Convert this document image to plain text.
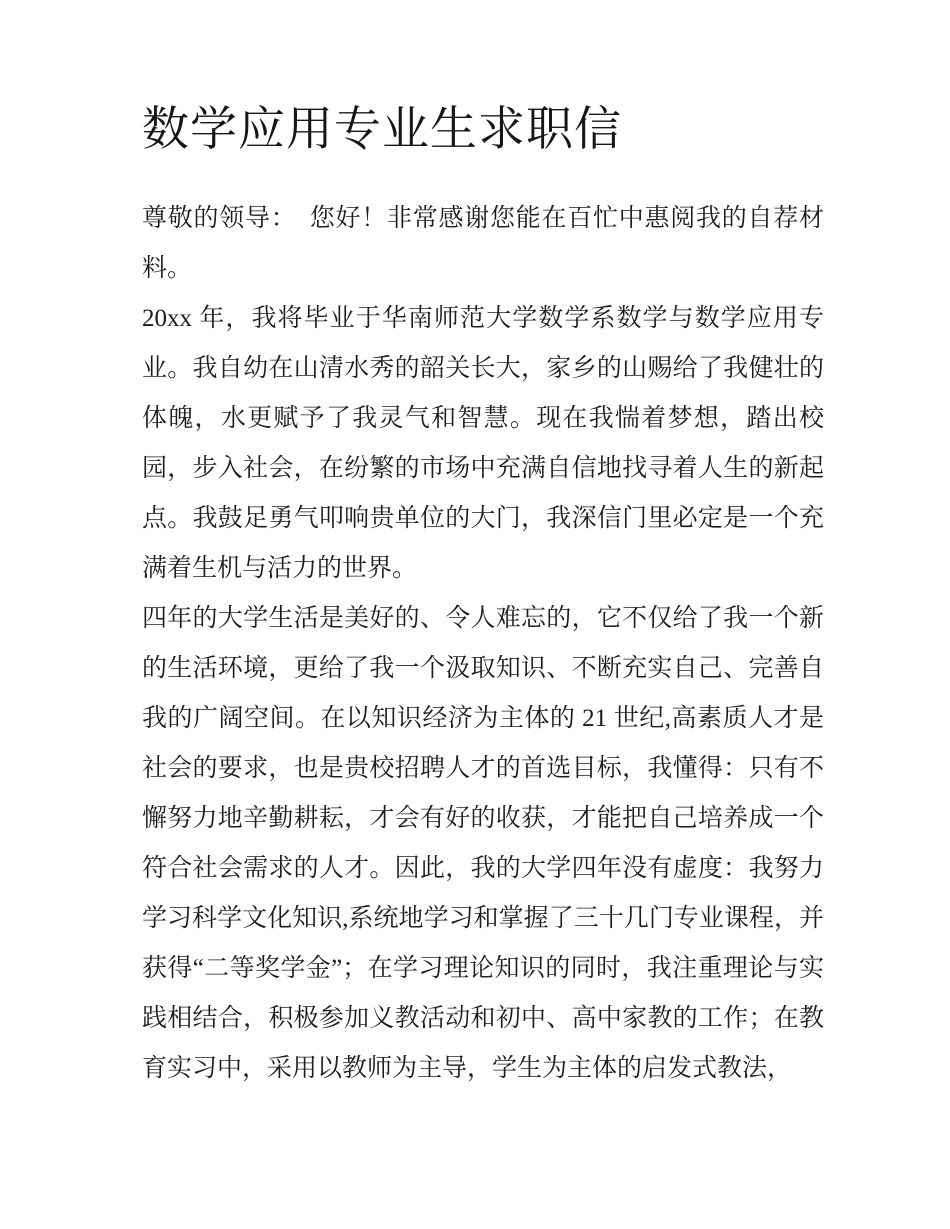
数学应用专业生求职信

尊敬的领导：　您好！非常感谢您能在百忙中惠阅我的自荐材料。

20xx 年，我将毕业于华南师范大学数学系数学与数学应用专业。我自幼在山清水秀的韶关长大，家乡的山赐给了我健壮的体魄，水更赋予了我灵气和智慧。现在我惴着梦想，踏出校园，步入社会，在纷繁的市场中充满自信地找寻着人生的新起点。我鼓足勇气叩响贵单位的大门，我深信门里必定是一个充满着生机与活力的世界。

四年的大学生活是美好的、令人难忘的，它不仅给了我一个新的生活环境，更给了我一个汲取知识、不断充实自己、完善自我的广阔空间。在以知识经济为主体的 21 世纪,高素质人才是社会的要求，也是贵校招聘人才的首选目标，我懂得：只有不懈努力地辛勤耕耘，才会有好的收获，才能把自己培养成一个符合社会需求的人才。因此，我的大学四年没有虚度：我努力学习科学文化知识,系统地学习和掌握了三十几门专业课程，并获得“二等奖学金”；在学习理论知识的同时，我注重理论与实践相结合，积极参加义教活动和初中、高中家教的工作；在教育实习中，采用以教师为主导，学生为主体的启发式教法，
